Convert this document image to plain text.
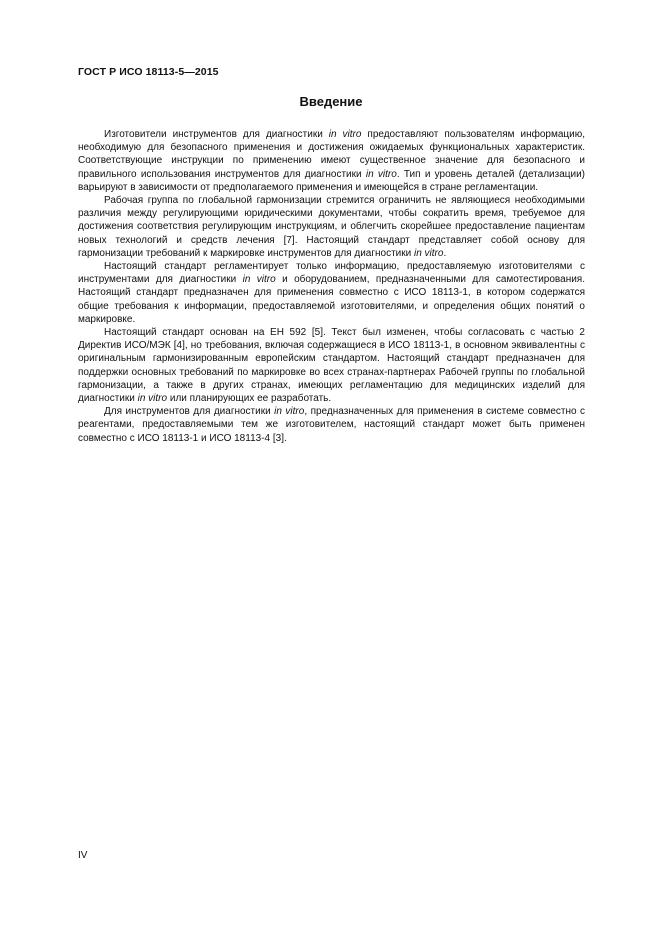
ГОСТ Р ИСО 18113-5—2015
Введение

Изготовители инструментов для диагностики in vitro предоставляют пользователям информацию, необходимую для безопасного применения и достижения ожидаемых функциональных характеристик. Соответствующие инструкции по применению имеют существенное значение для безопасного и правильного использования инструментов для диагностики in vitro. Тип и уровень деталей (детализации) варьируют в зависимости от предполагаемого применения и имеющейся в стране регламентации.

Рабочая группа по глобальной гармонизации стремится ограничить не являющиеся необходимыми различия между регулирующими юридическими документами, чтобы сократить время, требуемое для достижения соответствия регулирующим инструкциям, и облегчить скорейшее предоставление пациентам новых технологий и средств лечения [7]. Настоящий стандарт представляет собой основу для гармонизации требований к маркировке инструментов для диагностики in vitro.

Настоящий стандарт регламентирует только информацию, предоставляемую изготовителями с инструментами для диагностики in vitro и оборудованием, предназначенными для самотестирования. Настоящий стандарт предназначен для применения совместно с ИСО 18113-1, в котором содержатся общие требования к информации, предоставляемой изготовителями, и определения общих понятий о маркировке.

Настоящий стандарт основан на ЕН 592 [5]. Текст был изменен, чтобы согласовать с частью 2 Директив ИСО/МЭК [4], но требования, включая содержащиеся в ИСО 18113-1, в основном эквивалентны с оригинальным гармонизированным европейским стандартом. Настоящий стандарт предназначен для поддержки основных требований по маркировке во всех странах-партнерах Рабочей группы по глобальной гармонизации, а также в других странах, имеющих регламентацию для медицинских изделий для диагностики in vitro или планирующих ее разработать.

Для инструментов для диагностики in vitro, предназначенных для применения в системе совместно с реагентами, предоставляемыми тем же изготовителем, настоящий стандарт может быть применен совместно с ИСО 18113-1 и ИСО 18113-4 [3].

IV
